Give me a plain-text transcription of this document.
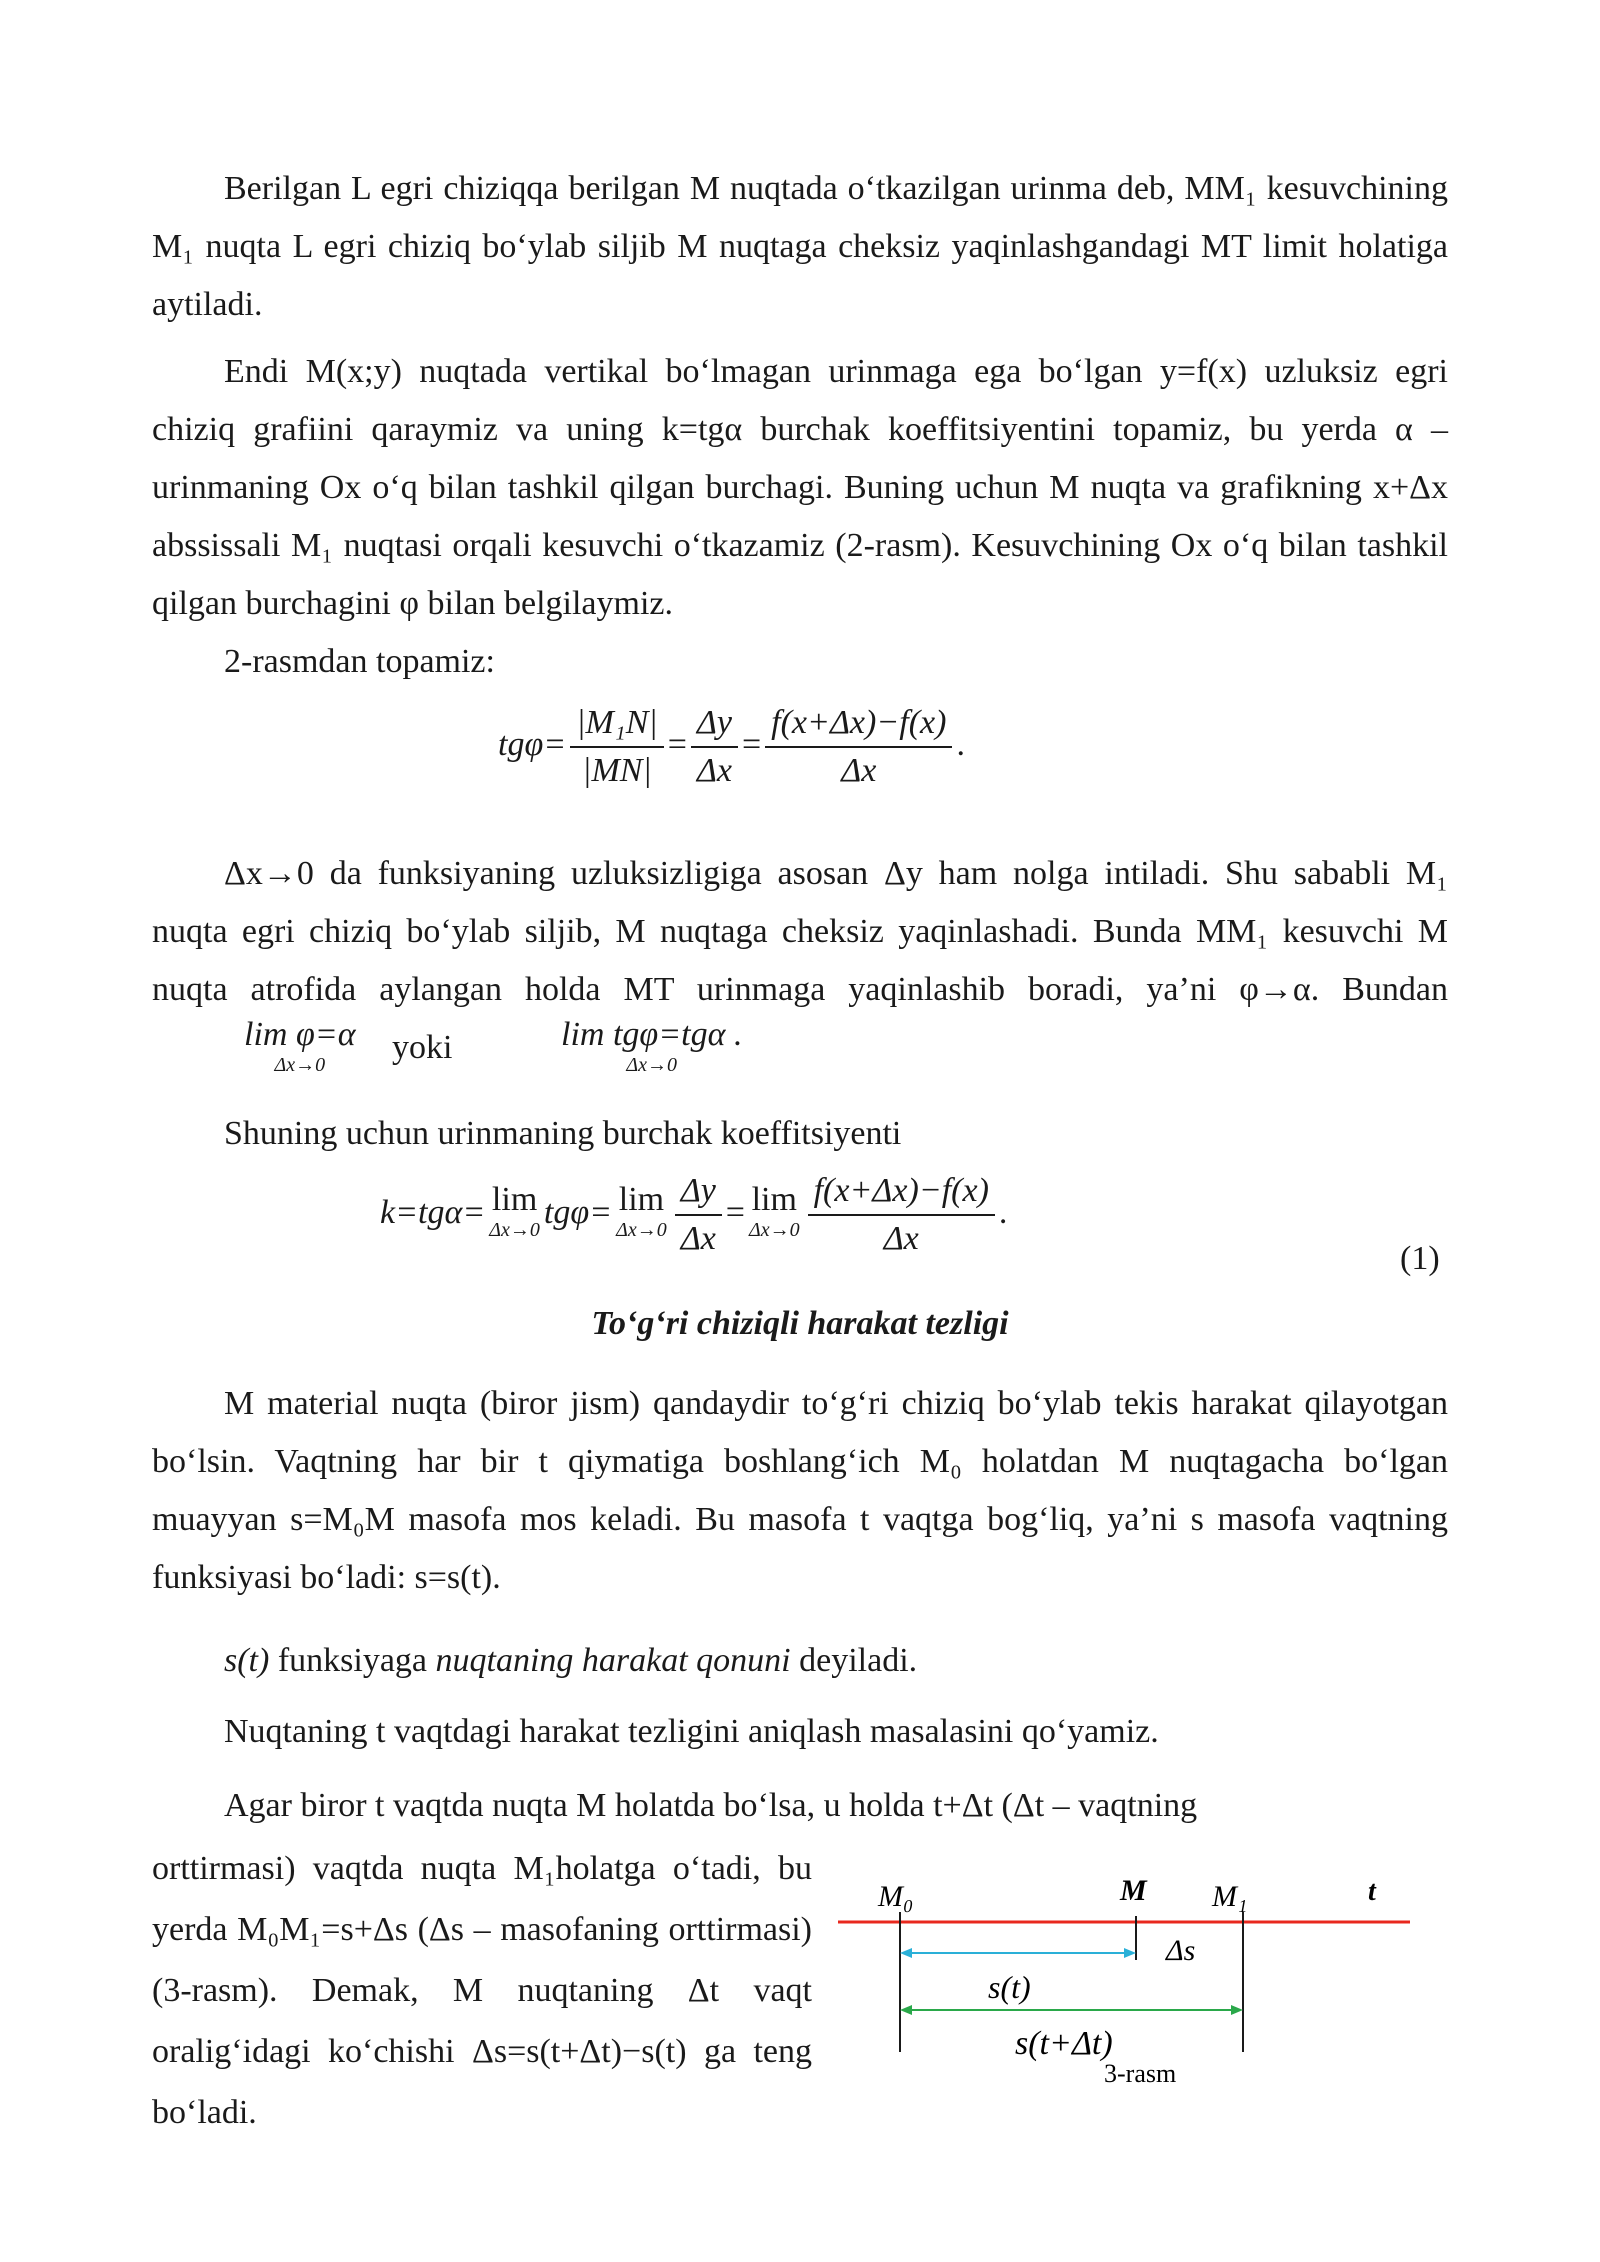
Berilgan L egri chiziqqa berilgan M nuqtada o‘tkazilgan urinma deb, MM₁ kesuvchining M₁ nuqta L egri chiziq bo‘ylab siljib M nuqtaga cheksiz yaqinlashgandagi MT limit holatiga aytiladi.
Endi M(x;y) nuqtada vertikal bo‘lmagan urinmaga ega bo‘lgan y=f(x) uzluksiz egri chiziq grafiini qaraymiz va uning k=tgα burchak koeffitsiyentini topamiz, bu yerda α – urinmaning Ox o‘q bilan tashkil qilgan burchagi. Buning uchun M nuqta va grafikning x+Δx abssissali M₁ nuqtasi orqali kesuvchi o‘tkazamiz (2-rasm). Kesuvchining Ox o‘q bilan tashkil qilgan burchagini φ bilan belgilaymiz.
2-rasmdan topamiz:
$tg\varphi= \frac{\text{|M₁N|}}{|MN|} = \frac{\Delta y}{\Delta x} = \frac{f(x+\Delta x)-f(x)}{\Delta x}$ .
Δx→0 da funksiyaning uzluksizligiga asosan Δy ham nolga intiladi. Shu sababli M₁ nuqta egri chiziq bo‘ylab siljib, M nuqtaga cheksiz yaqinlashadi. Bunda MM₁ kesuvchi M nuqta atrofida aylangan holda MT urinmaga yaqinlashib boradi, ya’ni φ→α. Bundan
lim φ=α
Δx→0	yoki	lim tgφ=tgα .
Δx→0
Shuning uchun urinmaning burchak koeffitsiyenti
k=tgα= lim
Δx→0 tgφ= lim
$\Delta x\to 0 \frac{\Delta y}{\Delta x} = \lim$
$\Delta x\to 0 \frac{f(x+\Delta x)-f(x)}{\Delta x}$ .
(1)
To‘g‘ri chiziqli harakat tezligi
M material nuqta (biror jism) qandaydir to‘g‘ri chiziq bo‘ylab tekis harakat qilayotgan bo‘lsin. Vaqtning har bir t qiymatiga boshlang‘ich M₀ holatdan M nuqtagacha bo‘lgan muayyan s=M₀M masofa mos keladi. Bu masofa t vaqtga bog‘liq, ya’ni s masofa vaqtning funksiyasi bo‘ladi: s=s(t).
s(t) funksiyaga nuqtaning harakat qonuni deyiladi.
Nuqtaning t vaqtdagi harakat tezligini aniqlash masalasini qo‘yamiz.
Agar biror t vaqtda nuqta M holatda bo‘lsa, u holda t+Δt (Δt – vaqtning
orttirmasi) vaqtda nuqta M₁holatga o‘tadi, bu yerda M₀M₁=s+Δs (Δs – masofaning orttirmasi) (3-rasm). Demak, M nuqtaning Δt vaqt oralig‘idagi ko‘chishi Δs=s(t+Δt)−s(t) ga teng bo‘ladi.
M₀	M M₁	t
Δs
s(t)
s(t+Δt)
3-rasm
